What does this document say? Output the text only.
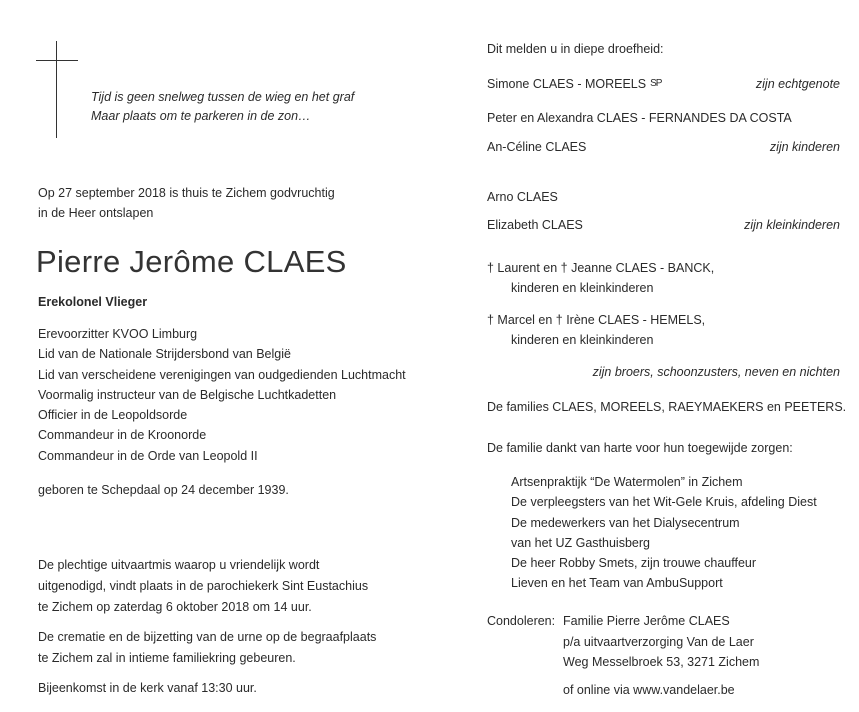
Tijd is geen snelweg tussen de wieg en het graf
Maar plaats om te parkeren in de zon…
Op 27 september 2018 is thuis te Zichem godvruchtig
in de Heer ontslapen
Pierre Jerôme CLAES
Erekolonel Vlieger
Erevoorzitter KVOO Limburg
Lid van de Nationale Strijdersbond van België
Lid van verscheidene verenigingen van oudgedienden Luchtmacht
Voormalig instructeur van de Belgische Luchtkadetten
Officier in de Leopoldsorde
Commandeur in de Kroonorde
Commandeur in de Orde van Leopold II
geboren te Schepdaal op 24 december 1939.
De plechtige uitvaartmis waarop u vriendelijk wordt
uitgenodigd, vindt plaats in de parochiekerk Sint Eustachius
te Zichem op zaterdag 6 oktober 2018 om 14 uur.
De crematie en de bijzetting van de urne op de begraafplaats
te Zichem zal in intieme familiekring gebeuren.
Bijeenkomst in de kerk vanaf 13:30 uur.
Dit melden u in diepe droefheid:
Simone CLAES - MOREELS SP	zijn echtgenote
Peter en Alexandra CLAES - FERNANDES DA COSTA
An-Céline CLAES	zijn kinderen
Arno CLAES
Elizabeth CLAES	zijn kleinkinderen
† Laurent en † Jeanne CLAES - BANCK,
kinderen en kleinkinderen
† Marcel en † Irène CLAES - HEMELS,
kinderen en kleinkinderen
zijn broers, schoonzusters, neven en nichten
De families CLAES, MOREELS, RAEYMAEKERS en PEETERS.
De familie dankt van harte voor hun toegewijde zorgen:
Artsenpraktijk “De Watermolen” in Zichem
De verpleegsters van het Wit-Gele Kruis, afdeling Diest
De medewerkers van het Dialysecentrum
van het UZ Gasthuisberg
De heer Robby Smets, zijn trouwe chauffeur
Lieven en het Team van AmbuSupport
Condoleren: Familie Pierre Jerôme CLAES
p/a uitvaartverzorging Van de Laer
Weg Messelbroek 53, 3271 Zichem
of online via www.vandelaer.be
